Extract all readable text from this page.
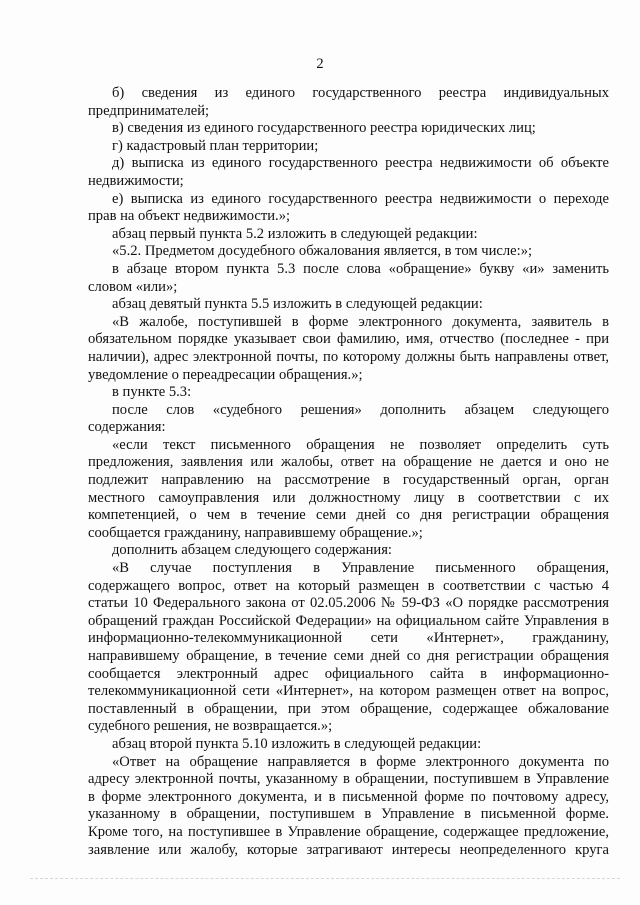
2
б) сведения из единого государственного реестра индивидуальных
предпринимателей;
в) сведения из единого государственного реестра юридических лиц;
г) кадастровый план территории;
д) выписка из единого государственного реестра недвижимости об объекте
недвижимости;
е) выписка из единого государственного реестра недвижимости о переходе
прав на объект недвижимости.»;
абзац первый пункта 5.2 изложить в следующей редакции:
«5.2. Предметом досудебного обжалования является, в том числе:»;
в абзаце втором пункта 5.3 после слова «обращение» букву «и» заменить
словом «или»;
абзац девятый пункта 5.5 изложить в следующей редакции:
«В жалобе, поступившей в форме электронного документа, заявитель в
обязательном порядке указывает свои фамилию, имя, отчество (последнее - при
наличии), адрес электронной почты, по которому должны быть направлены ответ,
уведомление о переадресации обращения.»;
в пункте 5.3:
после слов «судебного решения» дополнить абзацем следующего
содержания:
«если текст письменного обращения не позволяет определить суть
предложения, заявления или жалобы, ответ на обращение не дается и оно не
подлежит направлению на рассмотрение в государственный орган, орган
местного самоуправления или должностному лицу в соответствии с их
компетенцией, о чем в течение семи дней со дня регистрации обращения
сообщается гражданину, направившему обращение.»;
дополнить абзацем следующего содержания:
«В случае поступления в Управление письменного обращения,
содержащего вопрос, ответ на который размещен в соответствии с частью 4
статьи 10 Федерального закона от 02.05.2006 № 59-ФЗ «О порядке рассмотрения
обращений граждан Российской Федерации» на официальном сайте Управления в
информационно-телекоммуникационной сети «Интернет», гражданину,
направившему обращение, в течение семи дней со дня регистрации обращения
сообщается электронный адрес официального сайта в информационно-
телекоммуникационной сети «Интернет», на котором размещен ответ на вопрос,
поставленный в обращении, при этом обращение, содержащее обжалование
судебного решения, не возвращается.»;
абзац второй пункта 5.10 изложить в следующей редакции:
«Ответ на обращение направляется в форме электронного документа по
адресу электронной почты, указанному в обращении, поступившем в Управление
в форме электронного документа, и в письменной форме по почтовому адресу,
указанному в обращении, поступившем в Управление в письменной форме.
Кроме того, на поступившее в Управление обращение, содержащее предложение,
заявление или жалобу, которые затрагивают интересы неопределенного круга
